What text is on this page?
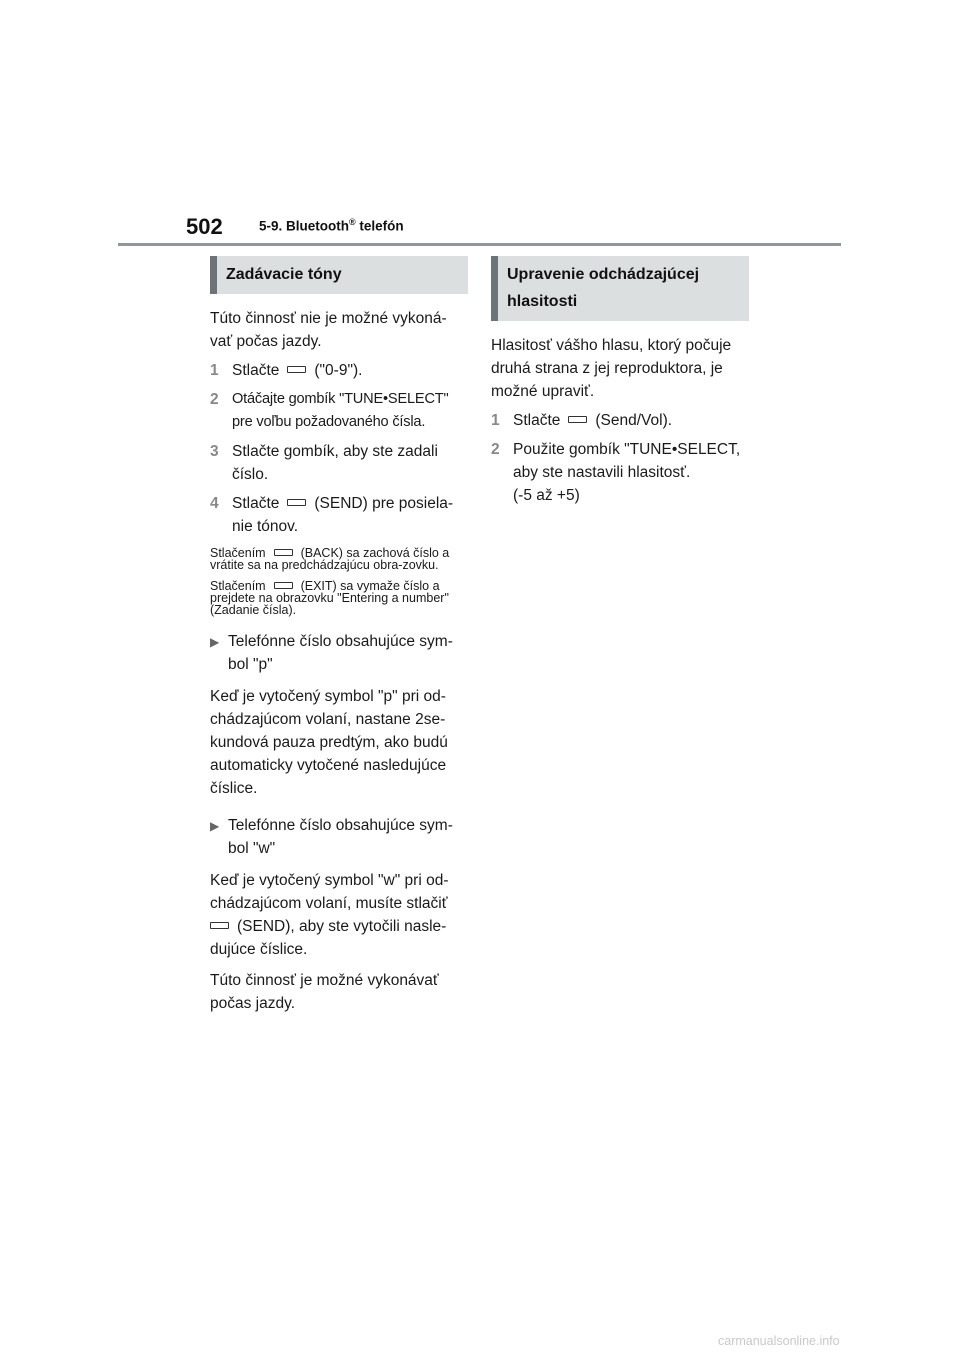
502	5-9. Bluetooth® telefón
Zadávacie tóny

Túto činnosť nie je možné vykoná-vať počas jazdy.

1 Stlačte ("0-9").
2 Otáčajte gombík "TUNE•SELECT" pre voľbu požadovaného čísla.
3 Stlačte gombík, aby ste zadali číslo.
4 Stlačte (SEND) pre posiela-nie tónov.
Stlačením	(BACK) sa zachová číslo a vrátite sa na predchádzajúcu obra-zovku.
Stlačením	(EXIT) sa vymaže číslo a prejdete na obrazovku "Entering a number" (Zadanie čísla).
▶ Telefónne číslo obsahujúce sym-bol "p"

Keď je vytočený symbol "p" pri od-chádzajúcom volaní, nastane 2se-kundová pauza predtým, ako budú automaticky vytočené nasledujúce číslice.

▶ Telefónne číslo obsahujúce sym-bol "w"

Keď je vytočený symbol "w" pri od-chádzajúcom volaní, musíte stlačiť (SEND), aby ste vytočili nasle-dujúce číslice.

Túto činnosť je možné vykonávať počas jazdy.

Upravenie odchádzajúcej hlasitosti

Hlasitosť vášho hlasu, ktorý počuje druhá strana z jej reproduktora, je možné upraviť.

1 Stlačte (Send/Vol).
2 Použite gombík "TUNE•SELECT, aby ste nastavili hlasitosť.
(-5 až +5)
carmanualsonline.info
